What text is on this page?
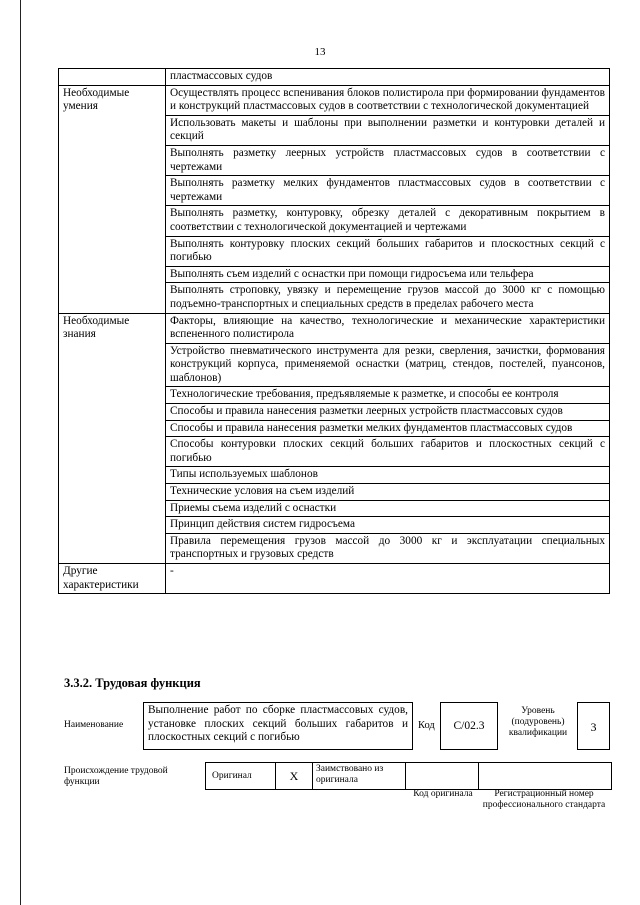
13
	пластмассовых судов
Необходимые умения	Осуществлять процесс вспенивания блоков полистирола при формировании фундаментов и конструкций пластмассовых судов в соответствии с технологической документацией
	Использовать макеты и шаблоны при выполнении разметки и контуровки деталей и секций
	Выполнять разметку леерных устройств пластмассовых судов в соответствии с чертежами
	Выполнять разметку мелких фундаментов пластмассовых судов в соответствии с чертежами
	Выполнять разметку, контуровку, обрезку деталей с декоративным покрытием в соответствии с технологической документацией и чертежами
	Выполнять контуровку плоских секций больших габаритов и плоскостных секций с погибью
	Выполнять съем изделий с оснастки при помощи гидросъема или тельфера
	Выполнять строповку, увязку и перемещение грузов массой до 3000 кг с помощью подъемно-транспортных и специальных средств в пределах рабочего места
Необходимые знания	Факторы, влияющие на качество, технологические и механические характеристики вспененного полистирола
	Устройство пневматического инструмента для резки, сверления, зачистки, формования конструкций корпуса, применяемой оснастки (матриц, стендов, постелей, пуансонов, шаблонов)
	Технологические требования, предъявляемые к разметке, и способы ее контроля
	Способы и правила нанесения разметки леерных устройств пластмассовых судов
	Способы и правила нанесения разметки мелких фундаментов пластмассовых судов
	Способы контуровки плоских секций больших габаритов и плоскостных секций с погибью
	Типы используемых шаблонов
	Технические условия на съем изделий
	Приемы съема изделий с оснастки
	Принцип действия систем гидросъема
	Правила перемещения грузов массой до 3000 кг и эксплуатации специальных транспортных и грузовых средств
Другие характеристики	-
3.3.2. Трудовая функция
Наименование
Выполнение работ по сборке пластмассовых судов, установке плоских секций больших габаритов и плоскостных секций с погибью
Код	С/02.3
Уровень (подуровень) квалификации	3
Происхождение трудовой функции
Оригинал	X	Заимствовано из оригинала		
Код оригинала	Регистрационный номер профессионального стандарта
